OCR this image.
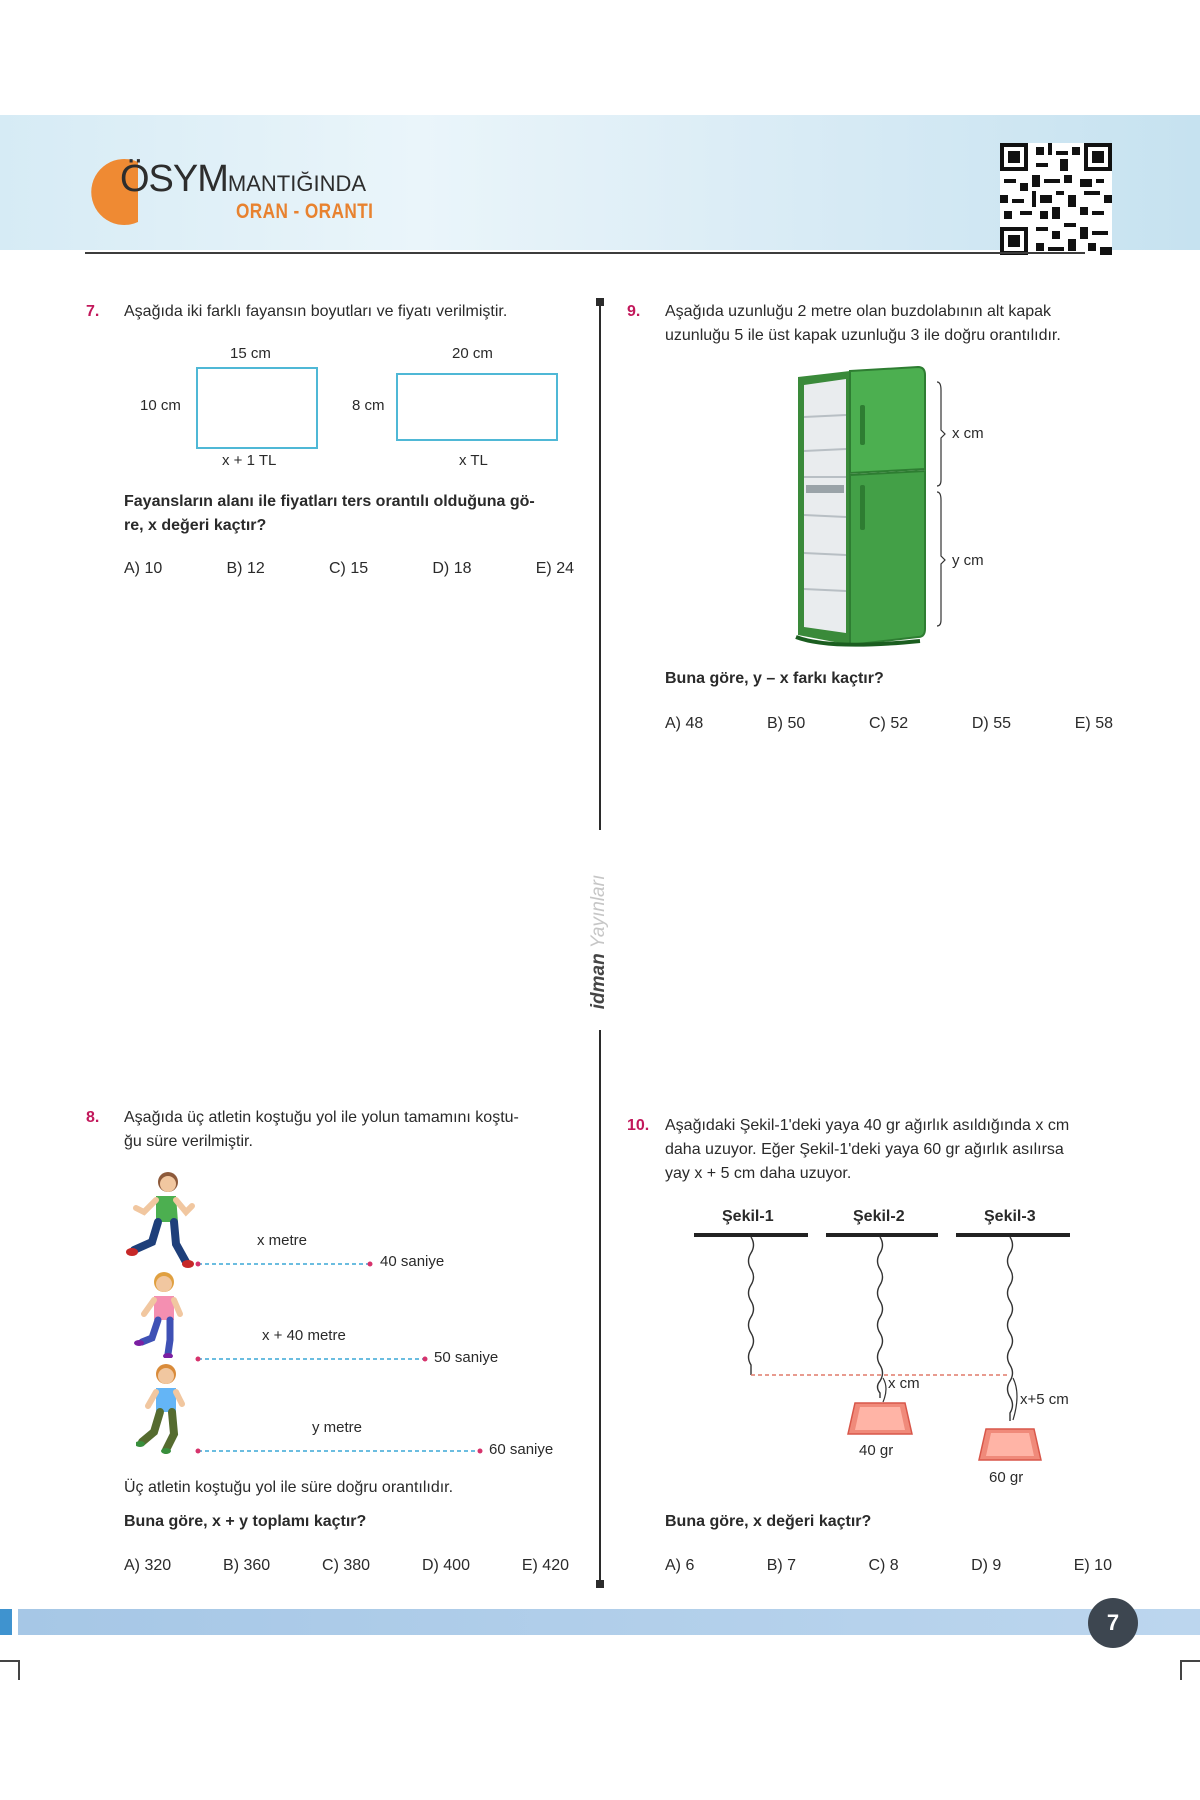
ÖSYMMANTIĞINDA
ORAN - ORANTI
idman Yayınları
7.	Aşağıda iki farklı fayansın boyutları ve fiyatı verilmiştir.
15 cm
10 cm
x + 1 TL
20 cm
8 cm
x TL
Fayansların alanı ile fiyatları ters orantılı olduğuna gö-
re, x değeri kaçtır?
A) 10	B) 12	C) 15	D) 18	E) 24
9.	Aşağıda uzunluğu 2 metre olan buzdolabının alt kapak
uzunluğu 5 ile üst kapak uzunluğu 3 ile doğru orantılıdır.
x cm
y cm
Buna göre, y – x farkı kaçtır?
A) 48	B) 50	C) 52	D) 55	E) 58
8.	Aşağıda üç atletin koştuğu yol ile yolun tamamını koştu-
ğu süre verilmiştir.
x metre
40 saniye
x + 40 metre
50 saniye
y metre
60 saniye
Üç atletin koştuğu yol ile süre doğru orantılıdır.
Buna göre, x + y toplamı kaçtır?
A) 320	B) 360	C) 380	D) 400	E) 420
10. Aşağıdaki Şekil-1'deki yaya 40 gr ağırlık asıldığında x cm
daha uzuyor. Eğer Şekil-1'deki yaya 60 gr ağırlık asılırsa
yay x + 5 cm daha uzuyor.
Şekil-1	Şekil-2	Şekil-3
x cm
x+5 cm
40 gr
60 gr
Buna göre, x değeri kaçtır?
A) 6	B) 7	C) 8	D) 9	E) 10
7
